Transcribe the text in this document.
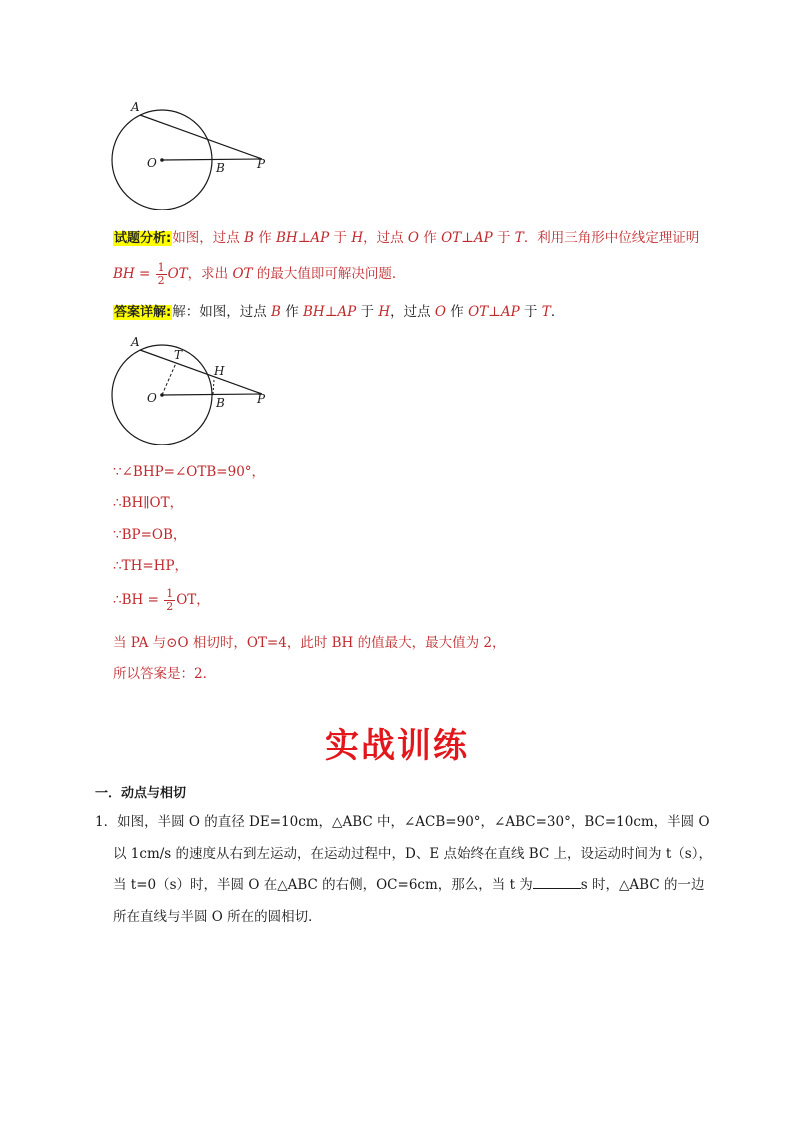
A
O	B	P
试题分析:如图，过点 B 作 BH⊥AP 于 H，过点 O 作 OT⊥AP 于 T．利用三角形中位线定理证明
BH = $\frac{1}{2}$ OT，求出 OT 的最大值即可解决问题．
答案详解:解：如图，过点 B 作 BH⊥AP 于 H，过点 O 作 OT⊥AP 于 T．
A
T
H
O	B	P
∵∠BHP=∠OTB=90°，
∴BH∥OT，
∵BP=OB，
∴TH=HP，
∴BH = $\frac{1}{2}$ OT，
当 PA 与⊙O 相切时，OT=4，此时 BH 的值最大，最大值为 2，
所以答案是：2．
实战训练
一．动点与相切
1．如图，半圆 O 的直径 DE=10cm，△ABC 中，∠ACB=90°，∠ABC=30°，BC=10cm，半圆 O
以 1cm/s 的速度从右到左运动，在运动过程中，D、E 点始终在直线 BC 上，设运动时间为 t（s），
当 t=0（s）时，半圆 O 在△ABC 的右侧，OC=6cm，那么，当 t 为	s 时，△ABC 的一边
所在直线与半圆 O 所在的圆相切．
